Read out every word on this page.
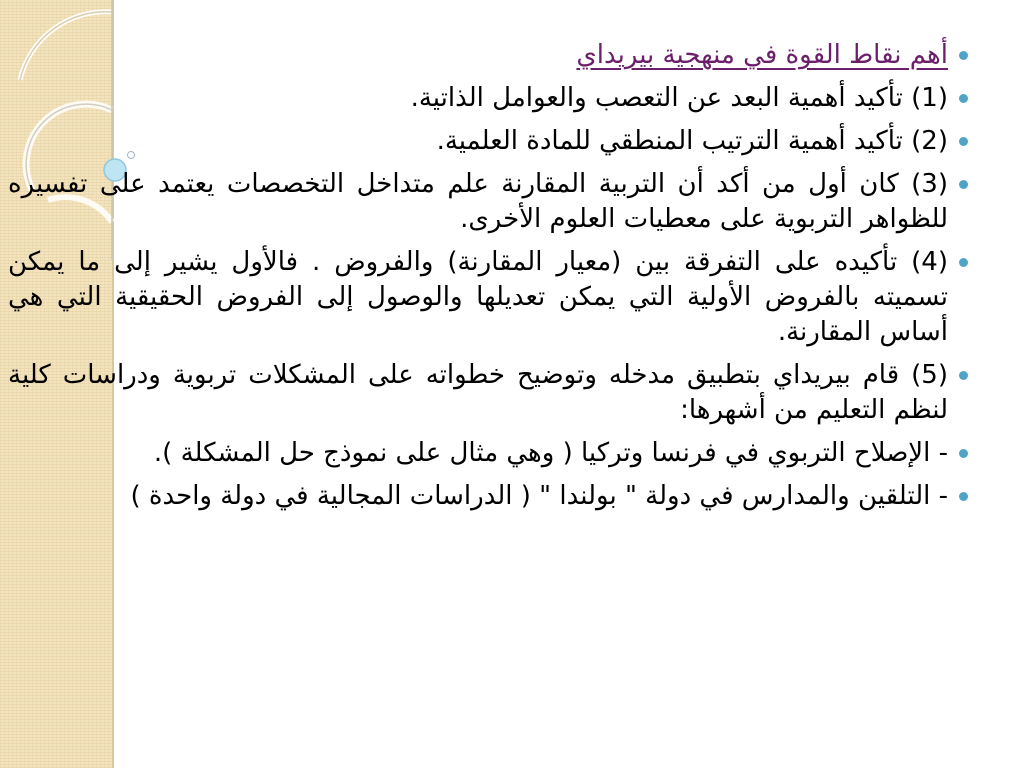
أهم نقاط القوة في منهجية بيريداي
(1) تأكيد أهمية البعد عن التعصب والعوامل الذاتية.
(2) تأكيد أهمية الترتيب المنطقي للمادة العلمية.
(3) كان أول من أكد أن التربية المقارنة علم متداخل التخصصات يعتمد على تفسيره للظواهر التربوية على معطيات العلوم الأخرى.
(4) تأكيده على التفرقة بين (معيار المقارنة) والفروض . فالأول يشير إلى ما يمكن تسميته بالفروض الأولية التي يمكن تعديلها والوصول إلى الفروض الحقيقية التي هي أساس المقارنة.
(5) قام بيريداي بتطبيق مدخله وتوضيح خطواته على المشكلات تربوية ودراسات كلية لنظم التعليم من أشهرها:
- الإصلاح التربوي في فرنسا وتركيا ( وهي مثال على نموذج حل المشكلة ).
- التلقين والمدارس في دولة " بولندا " ( الدراسات المجالية في دولة واحدة )
